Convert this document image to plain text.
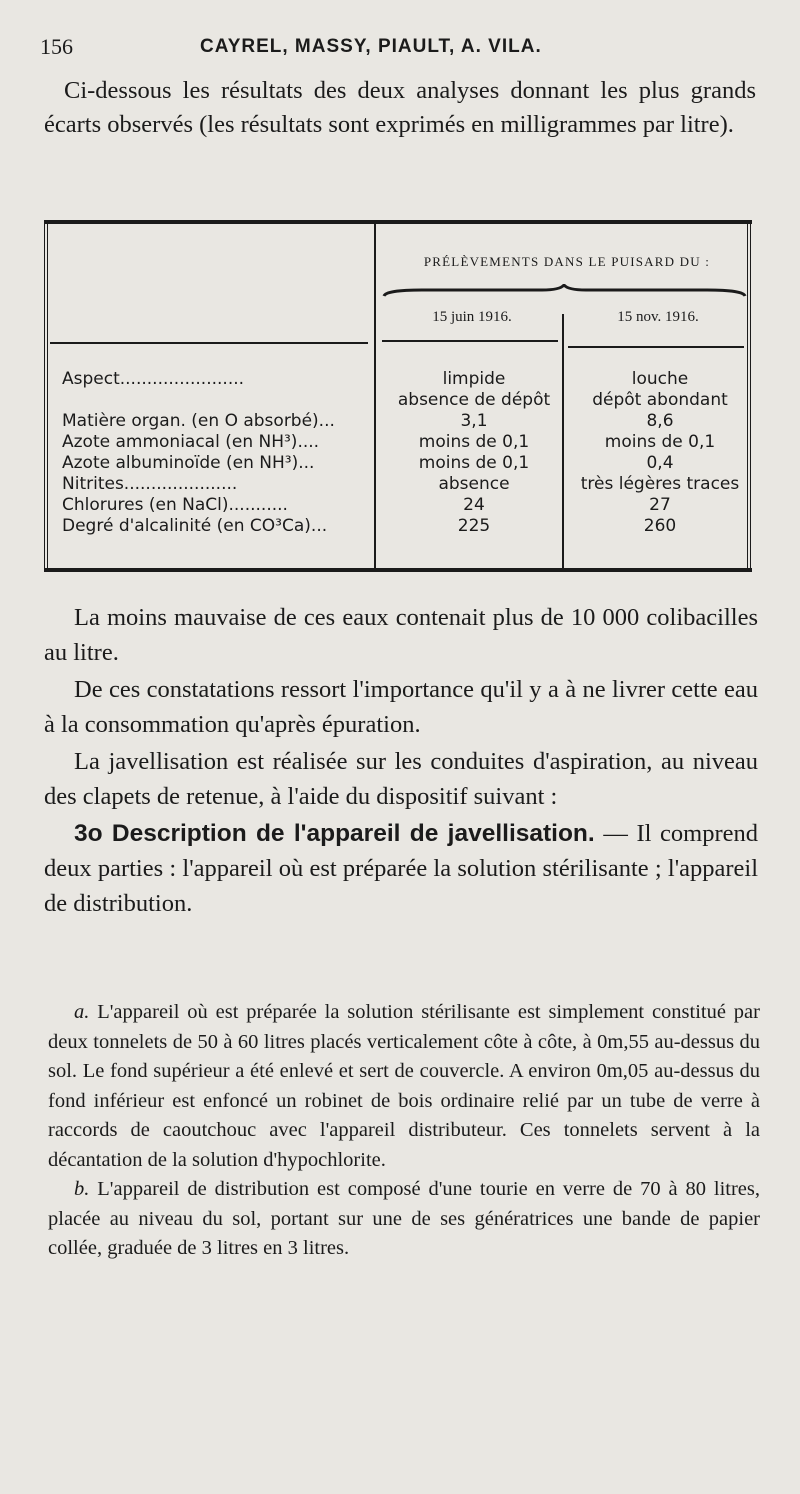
156	CAYREL, MASSY, PIAULT, A. VILA.

Ci-dessous les résultats des deux analyses donnant les plus grands écarts observés (les résultats sont exprimés en milligrammes par litre).

PRÉLÈVEMENTS DANS LE PUISARD DU :
15 juin 1916.	15 nov. 1916.
Aspect.......................	limpide	louche
absence de dépôt	dépôt abondant
Matière organ. (en O absorbé)...	3,1	8,6
Azote ammoniacal (en NH³)....	moins de 0,1	moins de 0,1
Azote albuminoïde (en NH³)...	moins de 0,1	0,4
Nitrites.....................	absence	très légères traces
Chlorures (en NaCl)...........	24	27
Degré d'alcalinité (en CO³Ca)...	225	260

La moins mauvaise de ces eaux contenait plus de 10 000 colibacilles au litre.

De ces constatations ressort l'importance qu'il y a à ne livrer cette eau à la consommation qu'après épuration.

La javellisation est réalisée sur les conduites d'aspiration, au niveau des clapets de retenue, à l'aide du dispositif suivant :

3o Description de l'appareil de javellisation. — Il comprend deux parties : l'appareil où est préparée la solution stérilisante ; l'appareil de distribution.

a. L'appareil où est préparée la solution stérilisante est simplement constitué par deux tonnelets de 50 à 60 litres placés verticalement côte à côte, à 0m,55 au-dessus du sol. Le fond supérieur a été enlevé et sert de couvercle. A environ 0m,05 au-dessus du fond inférieur est enfoncé un robinet de bois ordinaire relié par un tube de verre à raccords de caoutchouc avec l'appareil distributeur. Ces tonnelets servent à la décantation de la solution d'hypochlorite.

b. L'appareil de distribution est composé d'une tourie en verre de 70 à 80 litres, placée au niveau du sol, portant sur une de ses génératrices une bande de papier collée, graduée de 3 litres en 3 litres.
